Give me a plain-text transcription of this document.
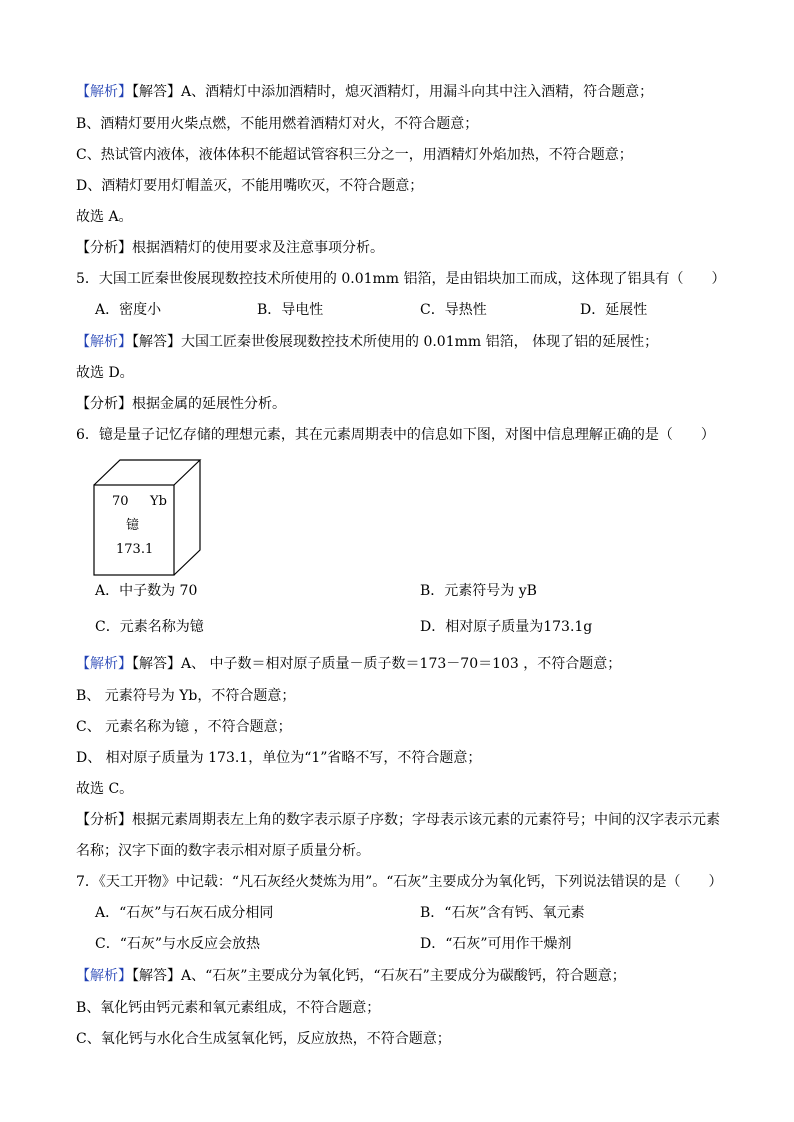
【解析】【解答】A、酒精灯中添加酒精时，熄灭酒精灯，用漏斗向其中注入酒精，符合题意；
B、酒精灯要用火柴点燃，不能用燃着酒精灯对火，不符合题意；
C、热试管内液体，液体体积不能超试管容积三分之一，用酒精灯外焰加热，不符合题意；
D、酒精灯要用灯帽盖灭，不能用嘴吹灭，不符合题意；
故选 A。
【分析】根据酒精灯的使用要求及注意事项分析。
5．大国工匠秦世俊展现数控技术所使用的 0.01mm 铝箔，是由铝块加工而成，这体现了铝具有（　　）
A．密度小	B．导电性	C．导热性	D．延展性
【解析】【解答】大国工匠秦世俊展现数控技术所使用的 0.01mm 铝箔， 体现了铝的延展性；
故选 D。
【分析】根据金属的延展性分析。
6．镱是量子记忆存储的理想元素，其在元素周期表中的信息如下图，对图中信息理解正确的是（　　）
70 Yb
镱
173.1
A．中子数为 70	B．元素符号为 yB
C．元素名称为镱	D．相对原子质量为173.1g
【解析】【解答】A、 中子数＝相对原子质量－质子数＝173－70＝103 ，不符合题意；
B、 元素符号为 Yb，不符合题意；
C、 元素名称为镱 ，不符合题意；
D、 相对原子质量为 173.1，单位为“1”省略不写，不符合题意；
故选 C。
【分析】根据元素周期表左上角的数字表示原子序数；字母表示该元素的元素符号；中间的汉字表示元素
名称；汉字下面的数字表示相对原子质量分析。
7．《天工开物》中记载：“凡石灰经火焚炼为用”。“石灰”主要成分为氧化钙，下列说法错误的是（　　）
A．“石灰”与石灰石成分相同	B．“石灰”含有钙、氧元素
C．“石灰”与水反应会放热	D．“石灰”可用作干燥剂
【解析】【解答】A、“石灰”主要成分为氧化钙，“石灰石”主要成分为碳酸钙，符合题意；
B、氧化钙由钙元素和氧元素组成，不符合题意；
C、氧化钙与水化合生成氢氧化钙，反应放热，不符合题意；
